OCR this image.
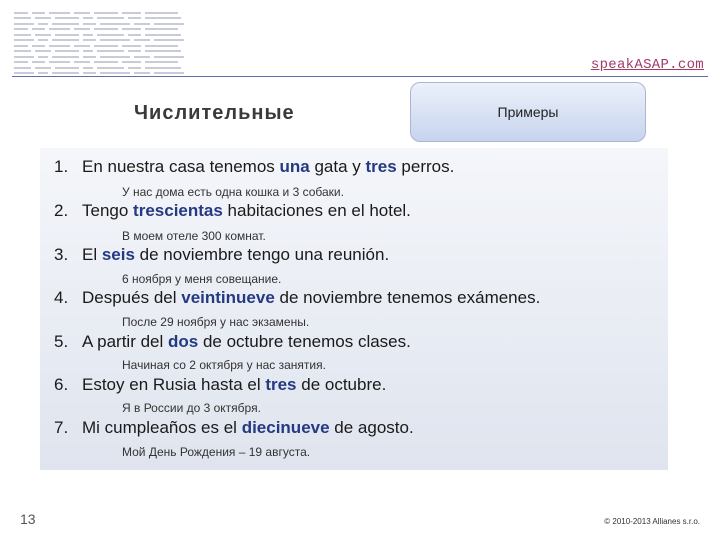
speakASAP.com
Числительные	Примеры
1. En nuestra casa tenemos una gata y tres perros.
У нас дома есть одна кошка и 3 собаки.
2. Tengo trescientas habitaciones en el hotel.
В моем отеле 300 комнат.
3. El seis de noviembre tengo una reunión.
6 ноября у меня совещание.
4. Después del veintinueve de noviembre tenemos exámenes.
После 29 ноября у нас экзамены.
5. A partir del dos de octubre tenemos clases.
Начиная со 2 октября у нас занятия.
6. Estoy en Rusia hasta el tres de octubre.
Я в России до 3 октября.
7. Mi cumpleaños es el diecinueve de agosto.
Мой День Рождения – 19 августа.
13	© 2010-2013 Allianes s.r.o.
